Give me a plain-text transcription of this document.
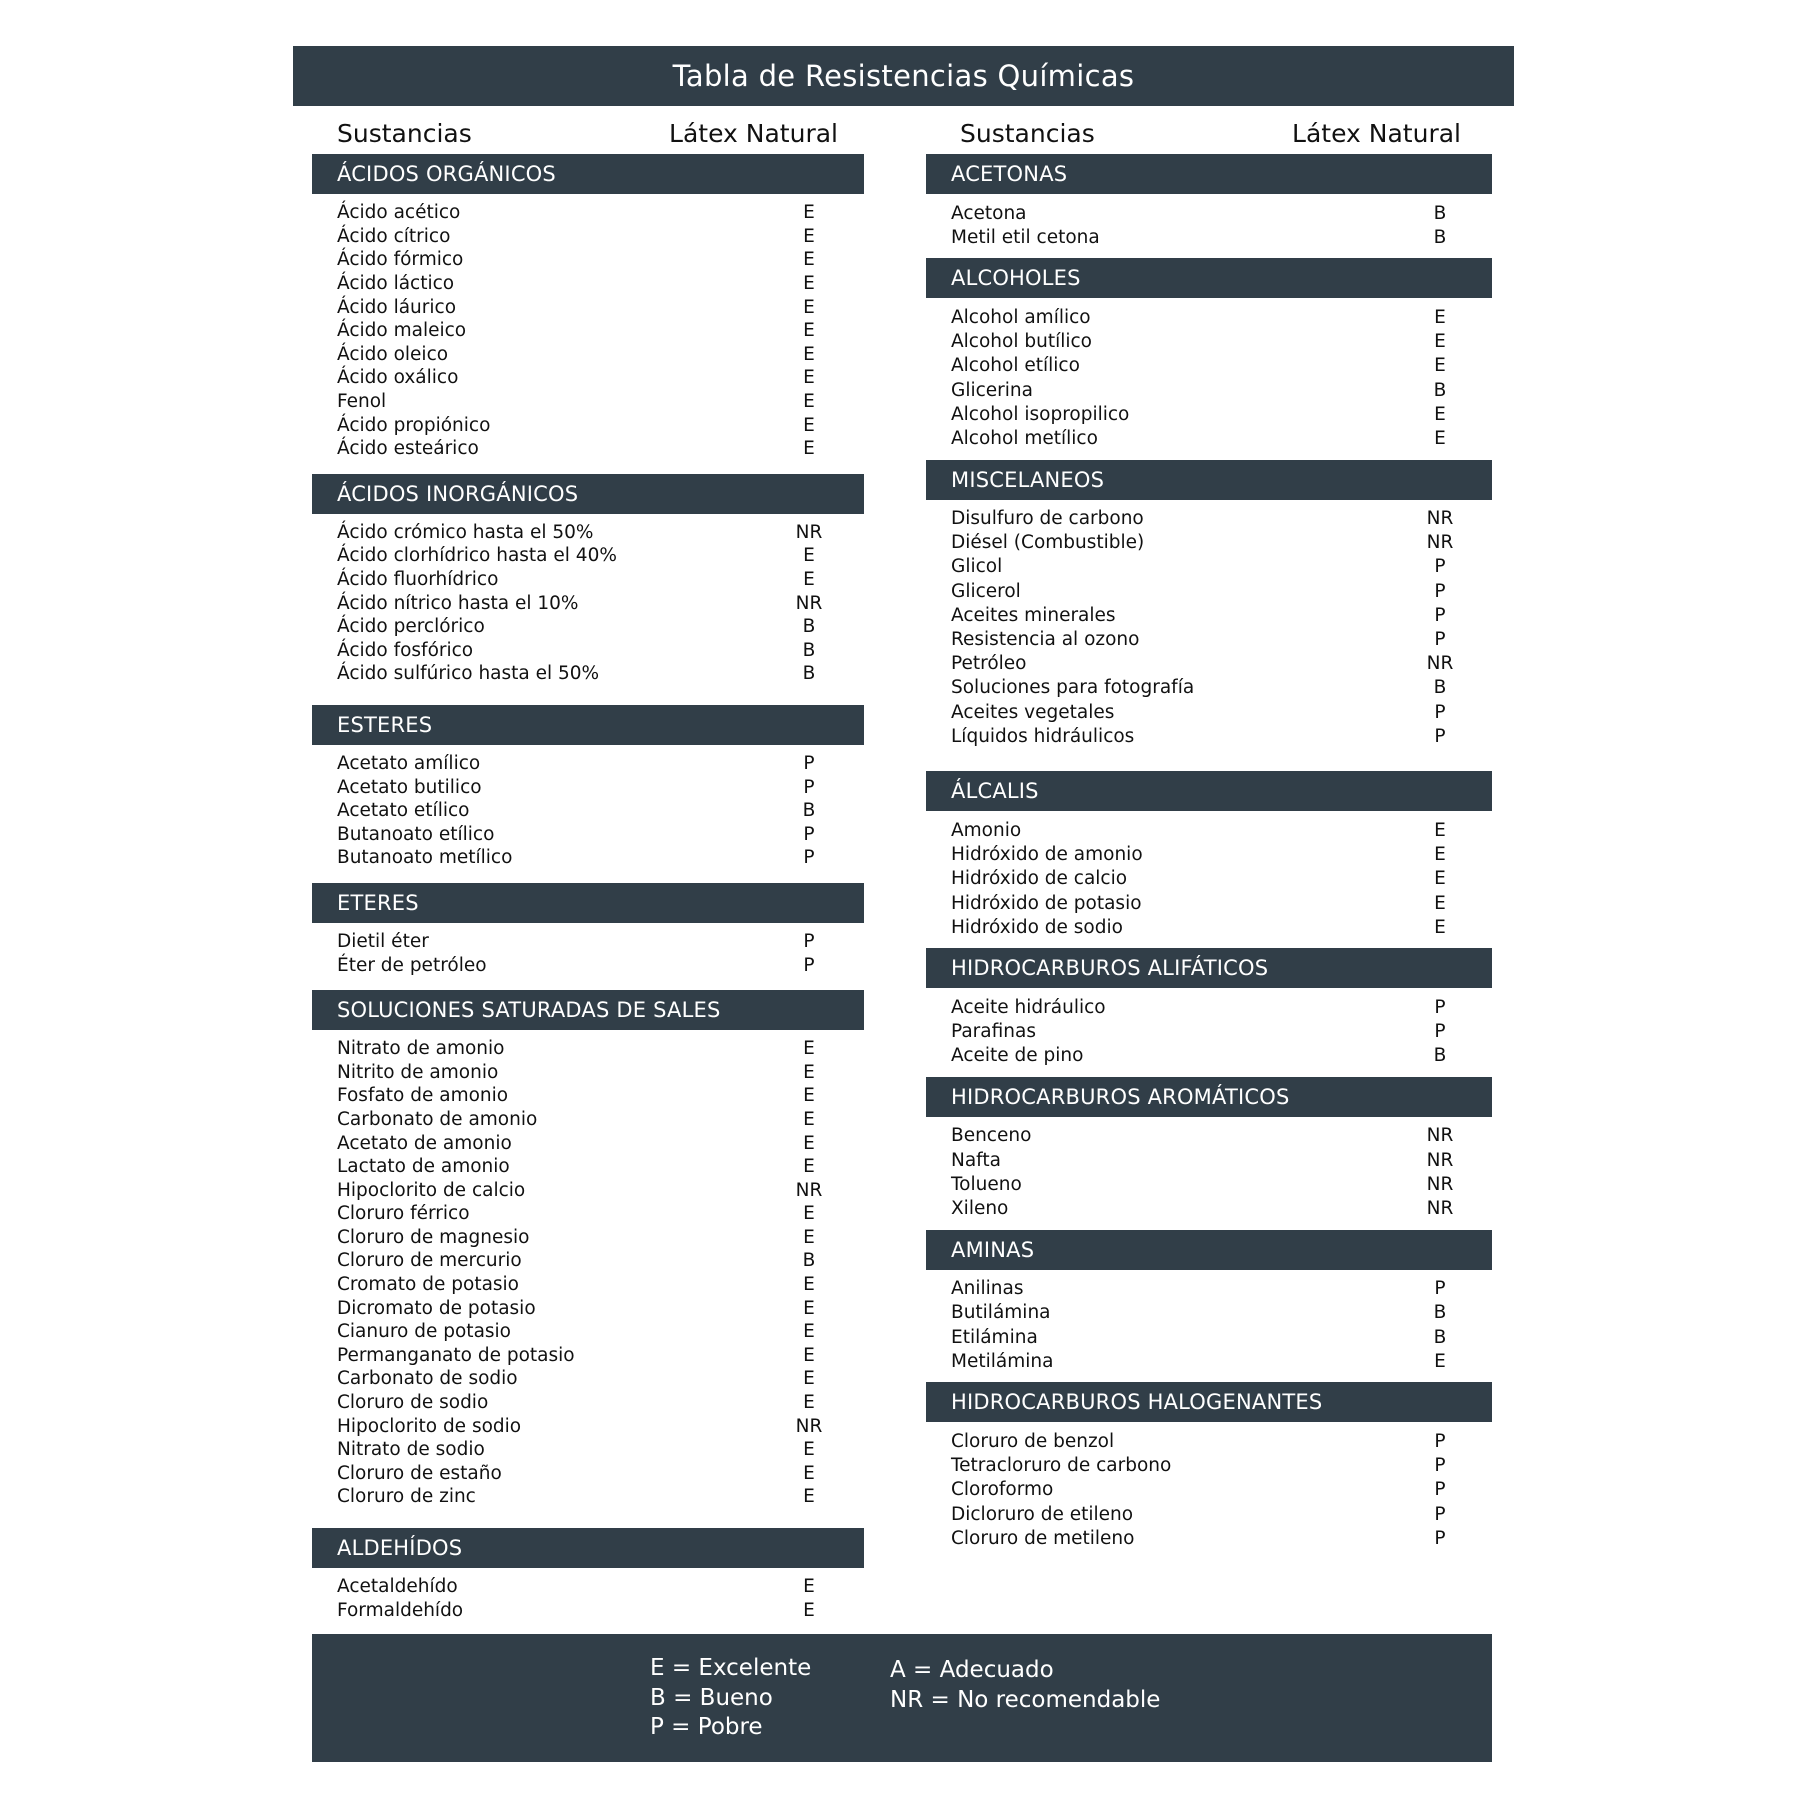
Tabla de Resistencias Químicas
Sustancias	Látex Natural	Sustancias	Látex Natural
ÁCIDOS ORGÁNICOS
Ácido acético	E
Ácido cítrico	E
Ácido fórmico	E
Ácido láctico	E
Ácido láurico	E
Ácido maleico	E
Ácido oleico	E
Ácido oxálico	E
Fenol	E
Ácido propiónico	E
Ácido esteárico	E
ÁCIDOS INORGÁNICOS
Ácido crómico hasta el 50%	NR
Ácido clorhídrico hasta el 40%	E
Ácido fluorhídrico	E
Ácido nítrico hasta el 10%	NR
Ácido perclórico	B
Ácido fosfórico	B
Ácido sulfúrico hasta el 50%	B
ESTERES
Acetato amílico	P
Acetato butilico	P
Acetato etílico	B
Butanoato etílico	P
Butanoato metílico	P
ETERES
Dietil éter	P
Éter de petróleo	P
SOLUCIONES SATURADAS DE SALES
Nitrato de amonio	E
Nitrito de amonio	E
Fosfato de amonio	E
Carbonato de amonio	E
Acetato de amonio	E
Lactato de amonio	E
Hipoclorito de calcio	NR
Cloruro férrico	E
Cloruro de magnesio	E
Cloruro de mercurio	B
Cromato de potasio	E
Dicromato de potasio	E
Cianuro de potasio	E
Permanganato de potasio	E
Carbonato de sodio	E
Cloruro de sodio	E
Hipoclorito de sodio	NR
Nitrato de sodio	E
Cloruro de estaño	E
Cloruro de zinc	E
ALDEHÍDOS
Acetaldehído	E
Formaldehído	E
ACETONAS
Acetona	B
Metil etil cetona	B
ALCOHOLES
Alcohol amílico	E
Alcohol butílico	E
Alcohol etílico	E
Glicerina	B
Alcohol isopropilico	E
Alcohol metílico	E
MISCELANEOS
Disulfuro de carbono	NR
Diésel (Combustible)	NR
Glicol	P
Glicerol	P
Aceites minerales	P
Resistencia al ozono	P
Petróleo	NR
Soluciones para fotografía	B
Aceites vegetales	P
Líquidos hidráulicos	P
ÁLCALIS
Amonio	E
Hidróxido de amonio	E
Hidróxido de calcio	E
Hidróxido de potasio	E
Hidróxido de sodio	E
HIDROCARBUROS ALIFÁTICOS
Aceite hidráulico	P
Parafinas	P
Aceite de pino	B
HIDROCARBUROS AROMÁTICOS
Benceno	NR
Nafta	NR
Tolueno	NR
Xileno	NR
AMINAS
Anilinas	P
Butilámina	B
Etilámina	B
Metilámina	E
HIDROCARBUROS HALOGENANTES
Cloruro de benzol	P
Tetracloruro de carbono	P
Cloroformo	P
Dicloruro de etileno	P
Cloruro de metileno	P
E = Excelente
B = Bueno
P = Pobre
A = Adecuado
NR = No recomendable
